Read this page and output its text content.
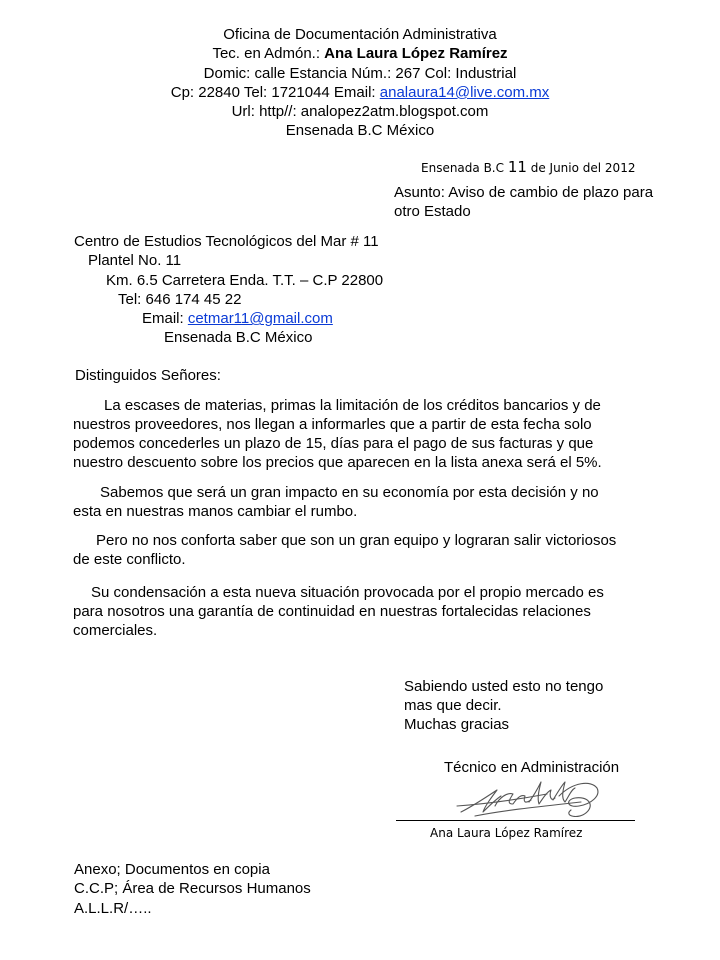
Oficina de Documentación Administrativa
Tec. en Admón.: Ana Laura López Ramírez
Domic: calle Estancia Núm.: 267 Col: Industrial
Cp: 22840 Tel: 1721044 Email: analaura14@live.com.mx
Url: http//: analopez2atm.blogspot.com
Ensenada B.C México
Ensenada B.C 11 de Junio del 2012
Asunto: Aviso de cambio de plazo para
otro Estado
Centro de Estudios Tecnológicos del Mar # 11
Plantel No. 11
Km. 6.5 Carretera Enda. T.T. – C.P 22800
Tel: 646 174 45 22
Email: cetmar11@gmail.com
Ensenada B.C México
Distinguidos Señores:
La escases de materias, primas la limitación de los créditos bancarios y de
nuestros proveedores, nos llegan a informarles que a partir de esta fecha solo
podemos concederles un plazo de 15, días para el pago de sus facturas y que
nuestro descuento sobre los precios que aparecen en la lista anexa será el 5%.
Sabemos que será un gran impacto en su economía por esta decisión y no
esta en nuestras manos cambiar el rumbo.
Pero no nos conforta saber que son un gran equipo y lograran salir victoriosos
de este conflicto.
Su condensación a esta nueva situación provocada por el propio mercado es
para nosotros una garantía de continuidad en nuestras fortalecidas relaciones
comerciales.
Sabiendo usted esto no tengo
mas que decir.
Muchas gracias
Técnico en Administración
Ana Laura López Ramírez
Anexo; Documentos en copia
C.C.P; Área de Recursos Humanos
A.L.L.R/…..
